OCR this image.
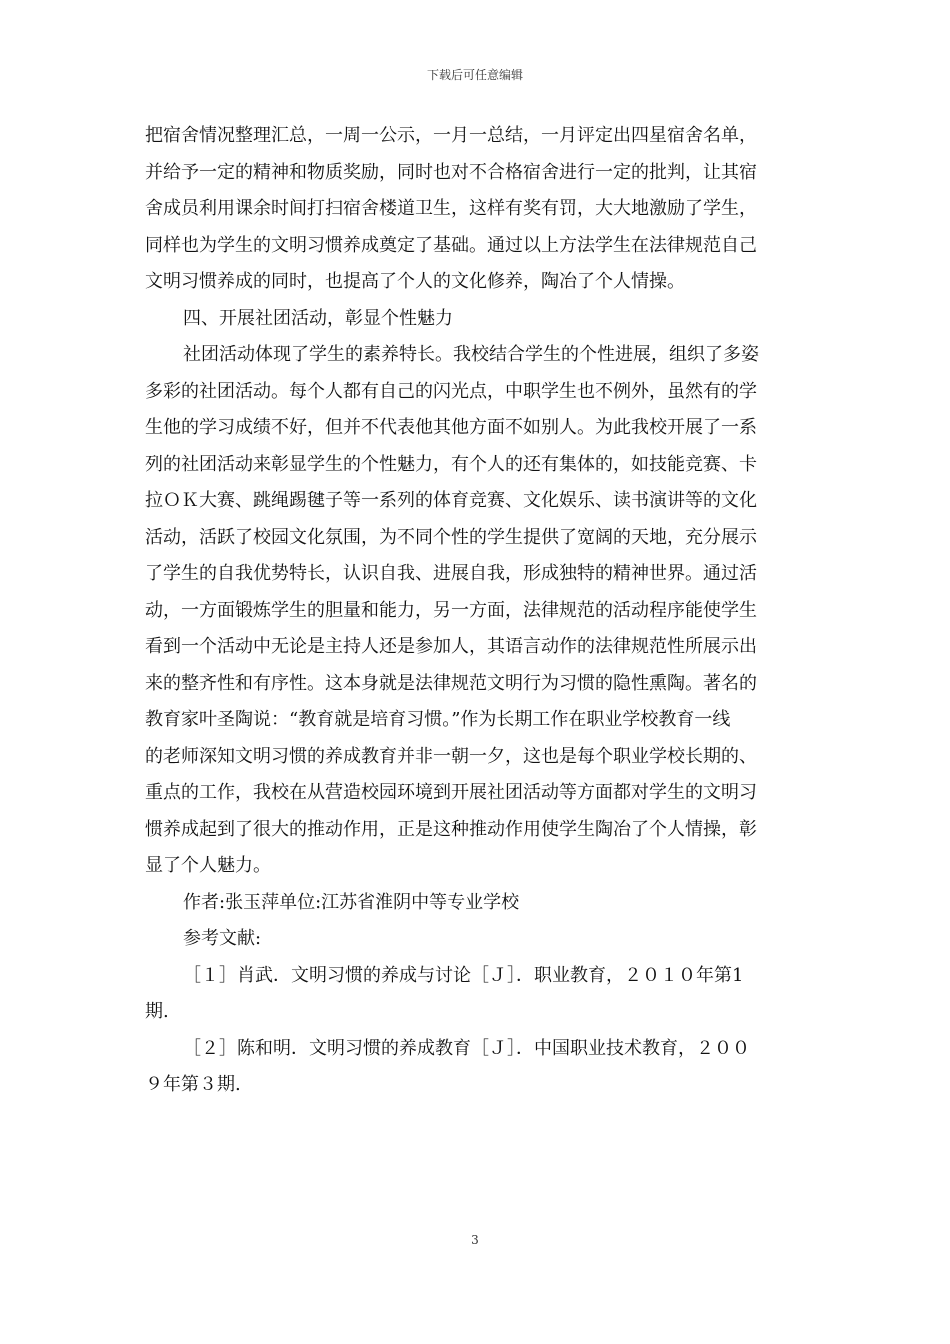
下载后可任意编辑

把宿舍情况整理汇总，一周一公示，一月一总结，一月评定出四星宿舍名单，

并给予一定的精神和物质奖励，同时也对不合格宿舍进行一定的批判，让其宿

舍成员利用课余时间打扫宿舍楼道卫生，这样有奖有罚，大大地激励了学生，

同样也为学生的文明习惯养成奠定了基础。通过以上方法学生在法律规范自己

文明习惯养成的同时，也提高了个人的文化修养，陶冶了个人情操。

四、开展社团活动，彰显个性魅力

社团活动体现了学生的素养特长。我校结合学生的个性进展，组织了多姿

多彩的社团活动。每个人都有自己的闪光点，中职学生也不例外，虽然有的学

生他的学习成绩不好，但并不代表他其他方面不如别人。为此我校开展了一系

列的社团活动来彰显学生的个性魅力，有个人的还有集体的，如技能竞赛、卡

拉ＯＫ大赛、跳绳踢毽子等一系列的体育竞赛、文化娱乐、读书演讲等的文化

活动，活跃了校园文化氛围，为不同个性的学生提供了宽阔的天地，充分展示

了学生的自我优势特长，认识自我、进展自我，形成独特的精神世界。通过活

动，一方面锻炼学生的胆量和能力，另一方面，法律规范的活动程序能使学生

看到一个活动中无论是主持人还是参加人，其语言动作的法律规范性所展示出

来的整齐性和有序性。这本身就是法律规范文明行为习惯的隐性熏陶。著名的

教育家叶圣陶说：“教育就是培育习惯。”作为长期工作在职业学校教育一线

的老师深知文明习惯的养成教育并非一朝一夕，这也是每个职业学校长期的、

重点的工作，我校在从营造校园环境到开展社团活动等方面都对学生的文明习

惯养成起到了很大的推动作用，正是这种推动作用使学生陶冶了个人情操，彰

显了个人魅力。

作者:张玉萍单位:江苏省淮阴中等专业学校

参考文献:

［１］肖武．文明习惯的养成与讨论［Ｊ］．职业教育，２０１０年第1

期.

［２］陈和明．文明习惯的养成教育［Ｊ］．中国职业技术教育，２００

９年第３期.

3
